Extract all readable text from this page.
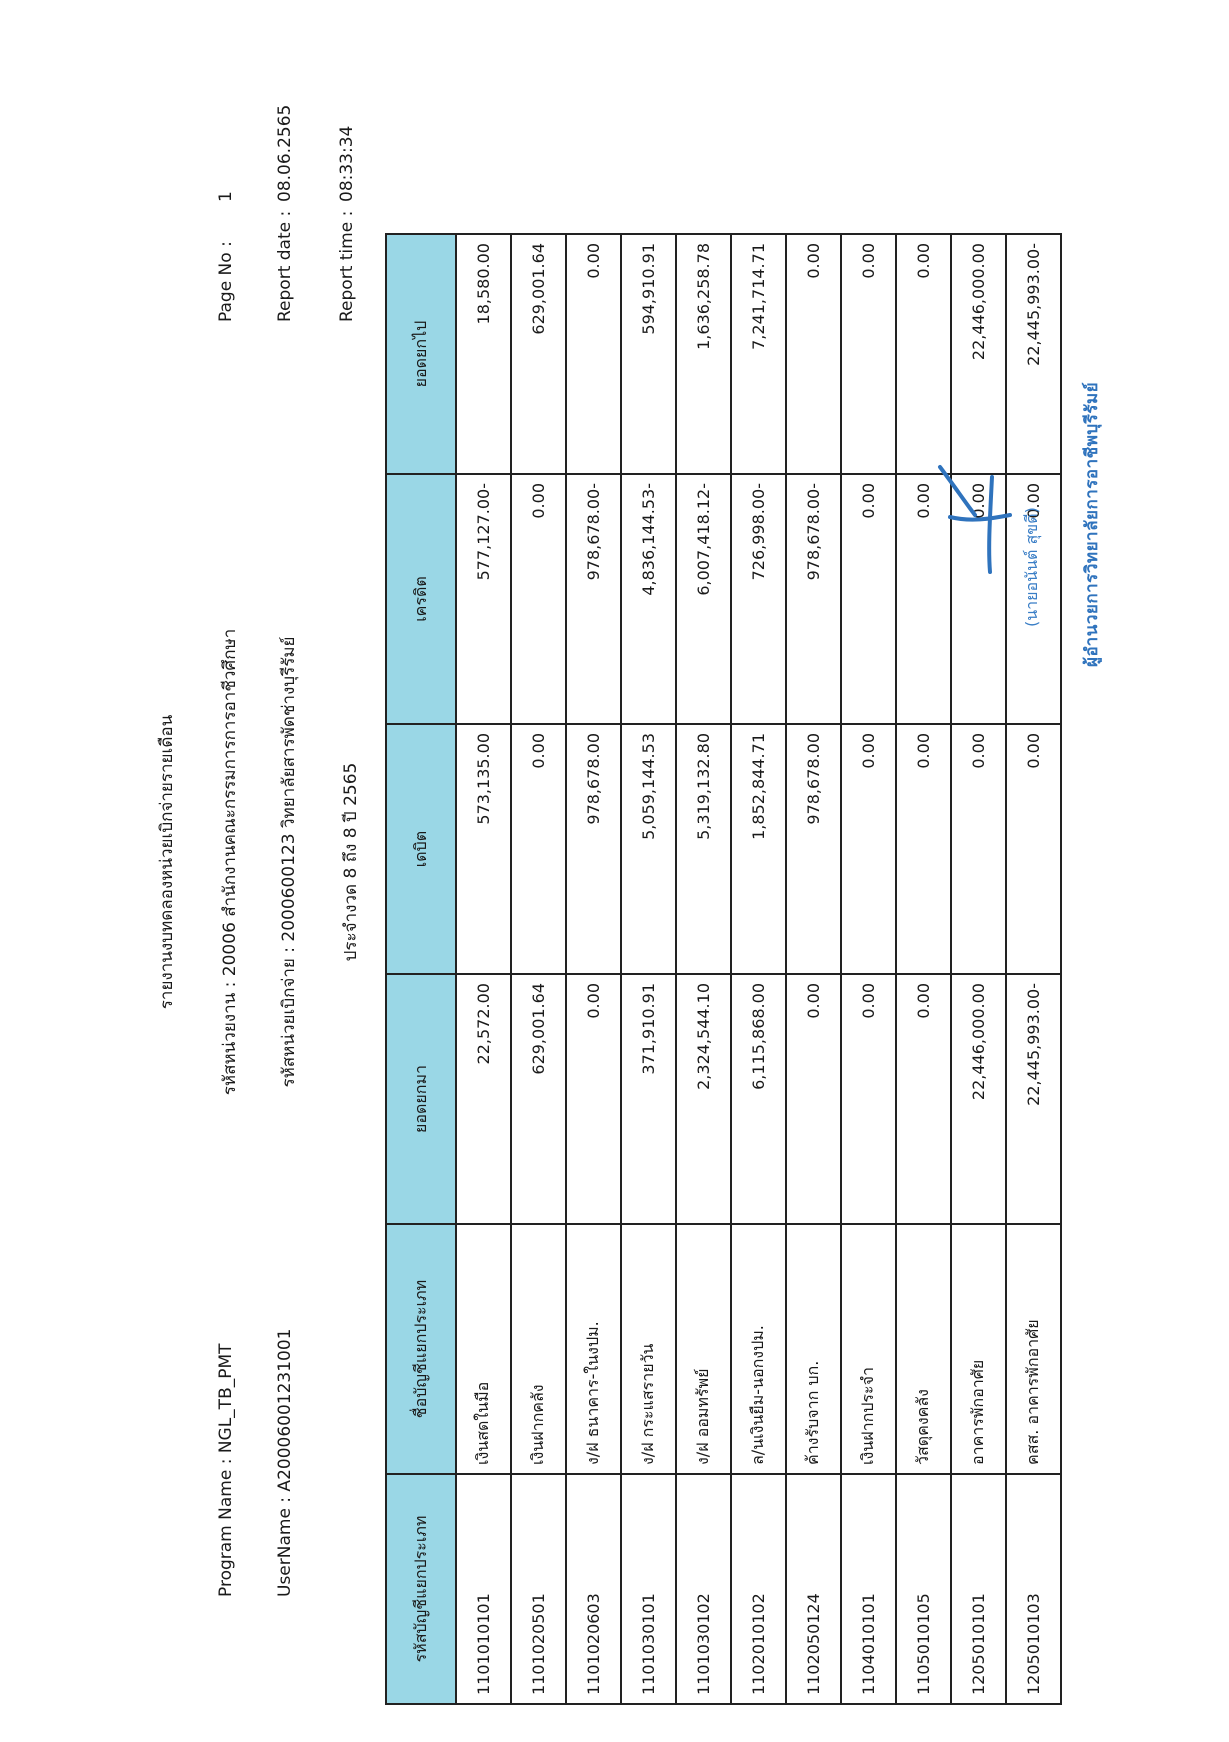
รายงานงบทดลองหน่วยเบิกจ่ายรายเดือน	รหัสหน่วยงาน : 20006 สำนักงานคณะกรรมการการอาชีวศึกษา รหัสหน่วยเบิกจ่าย : 2000600123 วิทยาลัยสารพัดช่างบุรีรัมย์ ประจำงวด 8 ถึง 8 ปี 2565
Program Name : NGL_TB_PMT UserName : A20006001231001
Page No :
1
Report date :
08.06.2565
Report time :
08:33:34
รหัสบัญชีแยกประเภท	ชื่อบัญชีแยกประเภท	ยอดยกมา	เดบิต	เครดิต	ยอดยกไป
1101010101	เงินสดในมือ	22,572.00	573,135.00	577,127.00-	18,580.00
1101020501	เงินฝากคลัง	629,001.64	0.00	0.00	629,001.64
1101020603	ง/ฝ ธนาคาร-ในงปม.	0.00	978,678.00	978,678.00-	0.00
1101030101	ง/ฝ กระแสรายวัน	371,910.91	5,059,144.53	4,836,144.53-	594,910.91
1101030102	ง/ฝ ออมทรัพย์	2,324,544.10	5,319,132.80	6,007,418.12-	1,636,258.78
1102010102	ล/นเงินยืม-นอกงปม.	6,115,868.00	1,852,844.71	726,998.00-	7,241,714.71
1102050124	ค้างรับจาก บก.	0.00	978,678.00	978,678.00-	0.00
1104010101	เงินฝากประจำ	0.00	0.00	0.00	0.00
1105010105	วัสดุคงคลัง	0.00	0.00	0.00	0.00
1205010101	อาคารพักอาศัย	22,446,000.00	0.00	0.00	22,446,000.00
1205010103	คสส. อาคารพักอาศัย	22,445,993.00-	0.00	0.00	22,445,993.00-
(นายอนันต์ สุขดี) ผู้อำนวยการวิทยาลัยการอาชีพบุรีรัมย์
